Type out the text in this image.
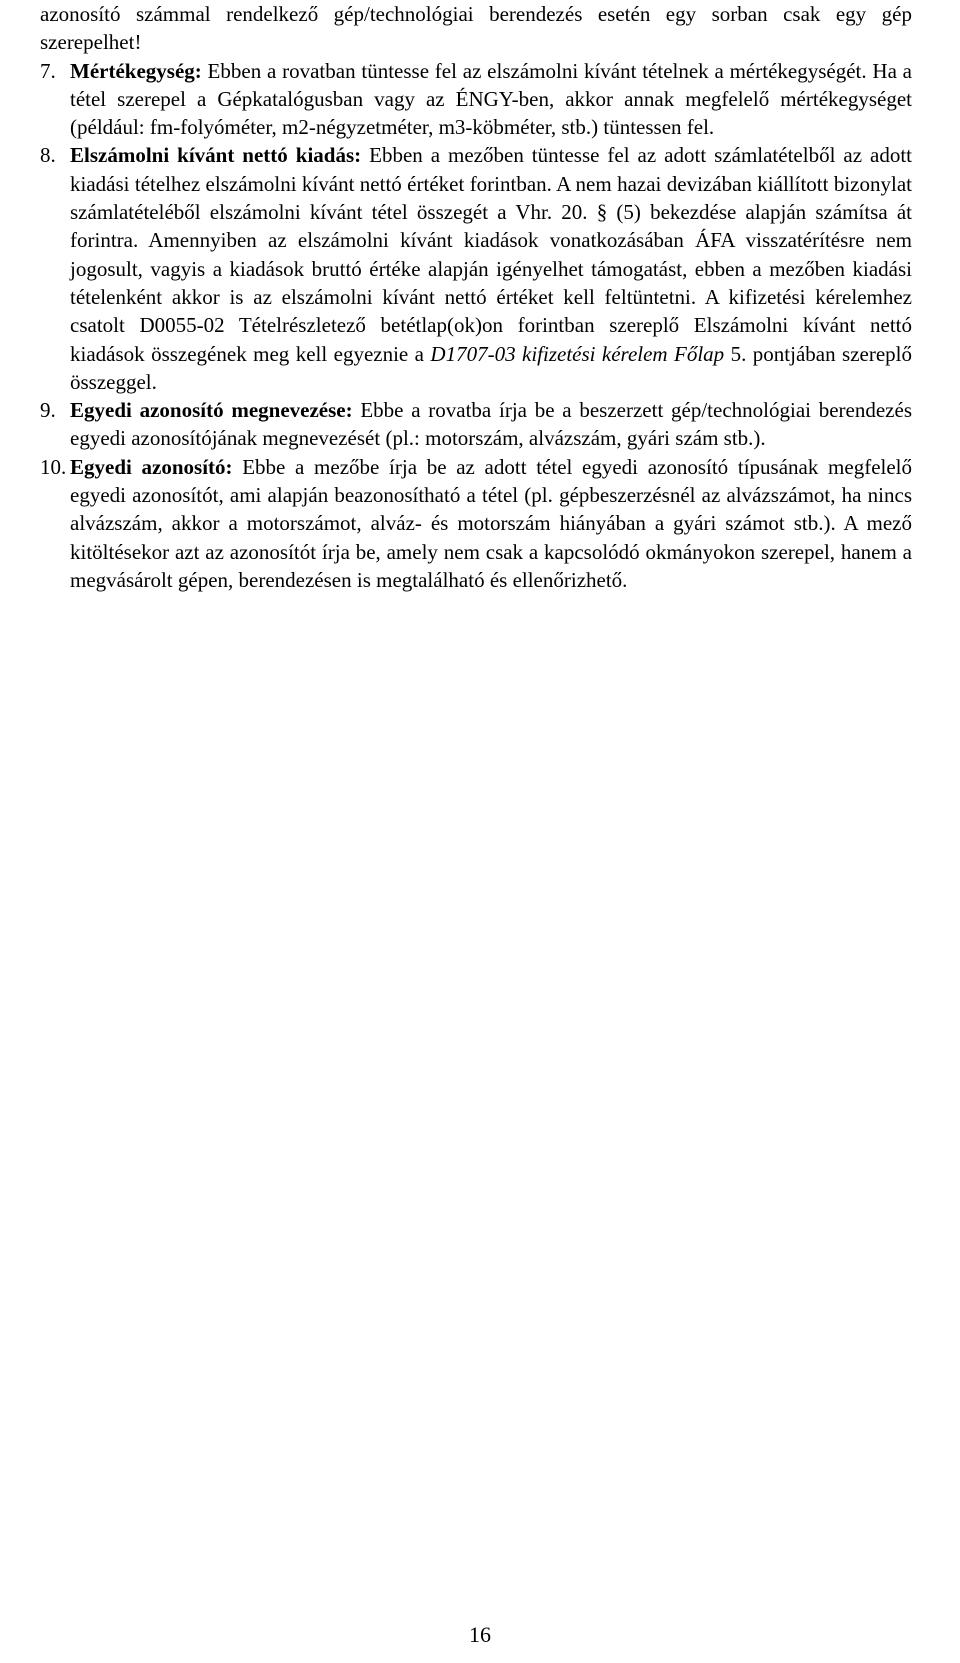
azonosító számmal rendelkező gép/technológiai berendezés esetén egy sorban csak egy gép szerepelhet!

7. Mértékegység: Ebben a rovatban tüntesse fel az elszámolni kívánt tételnek a mértékegységét. Ha a tétel szerepel a Gépkatalógusban vagy az ÉNGY-ben, akkor annak megfelelő mértékegységet (például: fm-folyóméter, m2-négyzetméter, m3-köbméter, stb.) tüntessen fel.
8. Elszámolni kívánt nettó kiadás: Ebben a mezőben tüntesse fel az adott számlatételből az adott kiadási tételhez elszámolni kívánt nettó értéket forintban. A nem hazai devizában kiállított bizonylat számlatételéből elszámolni kívánt tétel összegét a Vhr. 20. § (5) bekezdése alapján számítsa át forintra. Amennyiben az elszámolni kívánt kiadások vonatkozásában ÁFA visszatérítésre nem jogosult, vagyis a kiadások bruttó értéke alapján igényelhet támogatást, ebben a mezőben kiadási tételenként akkor is az elszámolni kívánt nettó értéket kell feltüntetni. A kifizetési kérelemhez csatolt D0055-02 Tételrészletező betétlap(ok)on forintban szereplő Elszámolni kívánt nettó kiadások összegének meg kell egyeznie a D1707-03 kifizetési kérelem Főlap 5. pontjában szereplő összeggel.
9. Egyedi azonosító megnevezése: Ebbe a rovatba írja be a beszerzett gép/technológiai berendezés egyedi azonosítójának megnevezését (pl.: motorszám, alvázszám, gyári szám stb.).
10. Egyedi azonosító: Ebbe a mezőbe írja be az adott tétel egyedi azonosító típusának megfelelő egyedi azonosítót, ami alapján beazonosítható a tétel (pl. gépbeszerzésnél az alvázszámot, ha nincs alvázszám, akkor a motorszámot, alváz- és motorszám hiányában a gyári számot stb.). A mező kitöltésekor azt az azonosítót írja be, amely nem csak a kapcsolódó okmányokon szerepel, hanem a megvásárolt gépen, berendezésen is megtalálható és ellenőrizhető.
16
